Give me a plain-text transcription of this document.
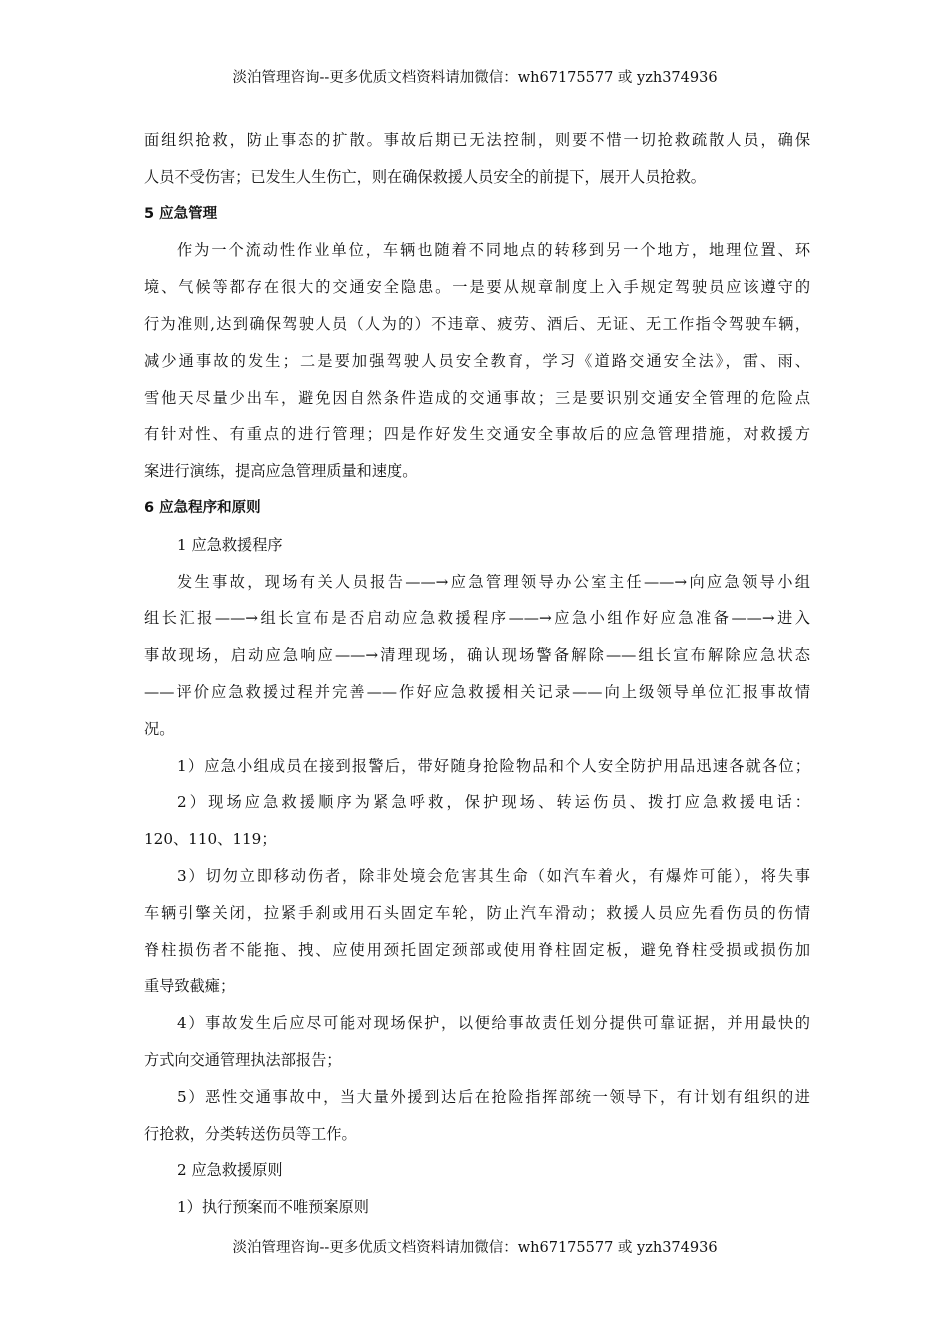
淡泊管理咨询--更多优质文档资料请加微信：wh67175577 或 yzh374936
面组织抢救，防止事态的扩散。事故后期已无法控制，则要不惜一切抢救疏散人员，确保
人员不受伤害；已发生人生伤亡，则在确保救援人员安全的前提下，展开人员抢救。
5 应急管理
作为一个流动性作业单位，车辆也随着不同地点的转移到另一个地方，地理位置、环
境、气候等都存在很大的交通安全隐患。一是要从规章制度上入手规定驾驶员应该遵守的
行为准则,达到确保驾驶人员（人为的）不违章、疲劳、酒后、无证、无工作指令驾驶车辆，
减少通事故的发生；二是要加强驾驶人员安全教育，学习《道路交通安全法》，雷、雨、
雪他天尽量少出车，避免因自然条件造成的交通事故；三是要识别交通安全管理的危险点
有针对性、有重点的进行管理；四是作好发生交通安全事故后的应急管理措施，对救援方
案进行演练，提高应急管理质量和速度。
6 应急程序和原则
1 应急救援程序
发生事故，现场有关人员报告——→应急管理领导办公室主任——→向应急领导小组
组长汇报——→组长宣布是否启动应急救援程序——→应急小组作好应急准备——→进入
事故现场，启动应急响应——→清理现场，确认现场警备解除——组长宣布解除应急状态
——评价应急救援过程并完善——作好应急救援相关记录——向上级领导单位汇报事故情
况。
1）应急小组成员在接到报警后，带好随身抢险物品和个人安全防护用品迅速各就各位；
2）现场应急救援顺序为紧急呼救，保护现场、转运伤员、拨打应急救援电话：
120、110、119；
3）切勿立即移动伤者，除非处境会危害其生命（如汽车着火，有爆炸可能），将失事
车辆引擎关闭，拉紧手刹或用石头固定车轮，防止汽车滑动；救援人员应先看伤员的伤情
脊柱损伤者不能拖、拽、应使用颈托固定颈部或使用脊柱固定板，避免脊柱受损或损伤加
重导致截瘫；
4）事故发生后应尽可能对现场保护，以便给事故责任划分提供可靠证据，并用最快的
方式向交通管理执法部报告；
5）恶性交通事故中，当大量外援到达后在抢险指挥部统一领导下，有计划有组织的进
行抢救，分类转送伤员等工作。
2 应急救援原则
1）执行预案而不唯预案原则
淡泊管理咨询--更多优质文档资料请加微信：wh67175577 或 yzh374936
